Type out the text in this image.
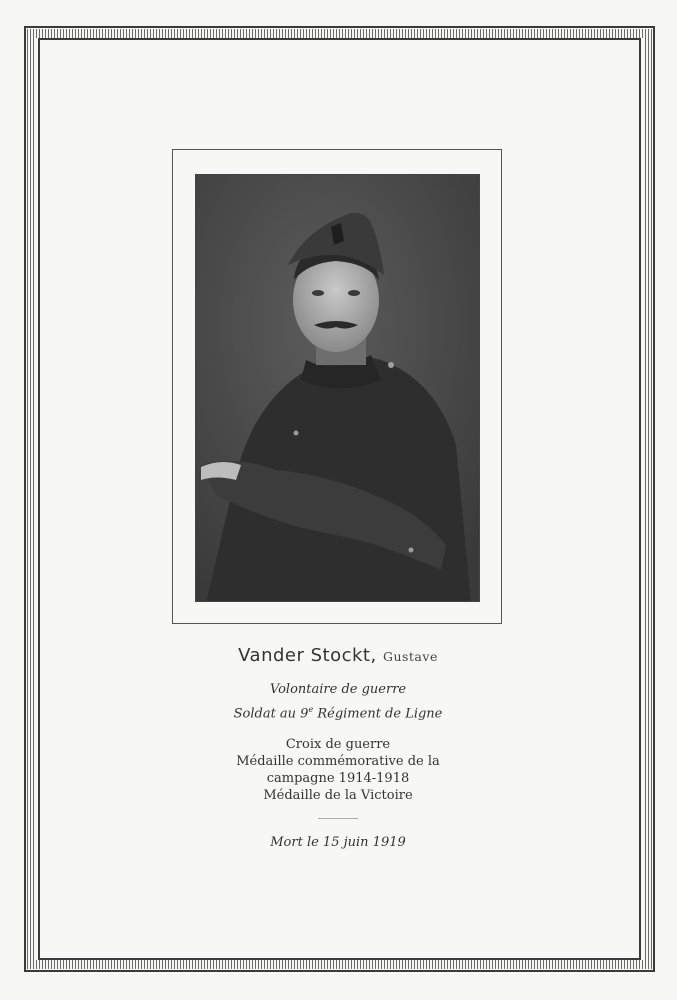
Vander Stockt, Gustave
Volontaire de guerre
Soldat au 9e Régiment de Ligne
Croix de guerre
Médaille commémorative de la
campagne 1914-1918
Médaille de la Victoire
Mort le 15 juin 1919
